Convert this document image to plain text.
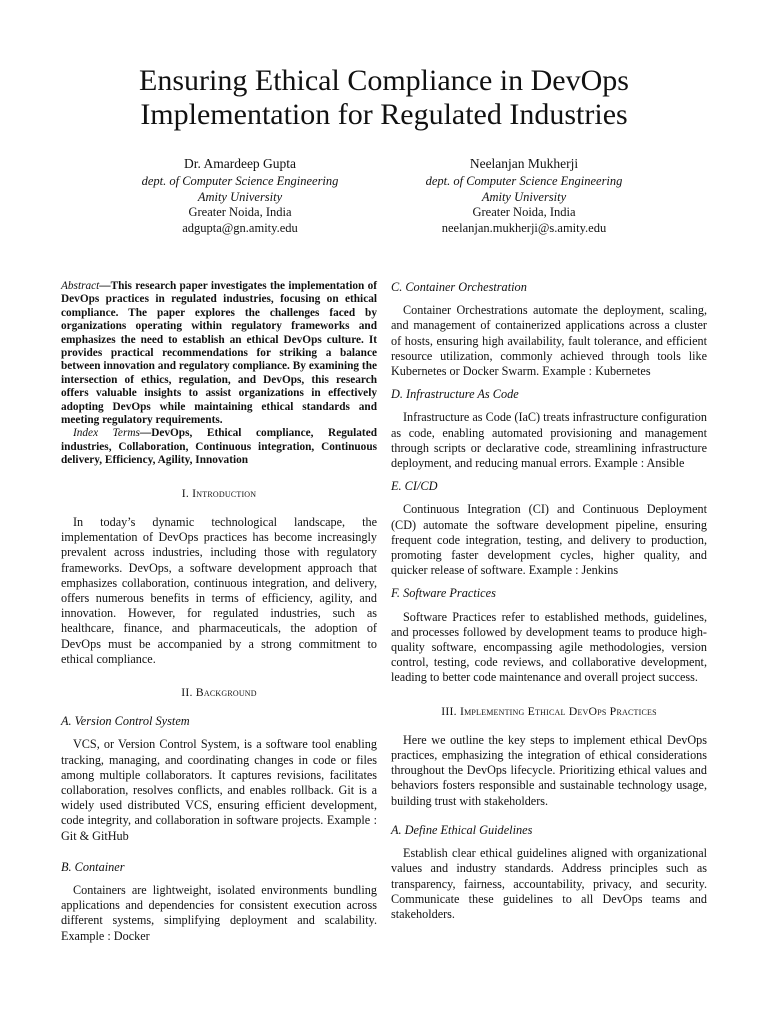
Ensuring Ethical Compliance in DevOps
Implementation for Regulated Industries
Dr. Amardeep Gupta
dept. of Computer Science Engineering
Amity University
Greater Noida, India
adgupta@gn.amity.edu
Neelanjan Mukherji
dept. of Computer Science Engineering
Amity University
Greater Noida, India
neelanjan.mukherji@s.amity.edu

Abstract—This research paper investigates the implementation of DevOps practices in regulated industries, focusing on ethical compliance. The paper explores the challenges faced by organizations operating within regulatory frameworks and emphasizes the need to establish an ethical DevOps culture. It provides practical recommendations for striking a balance between innovation and regulatory compliance. By examining the intersection of ethics, regulation, and DevOps, this research offers valuable insights to assist organizations in effectively adopting DevOps while maintaining ethical standards and meeting regulatory requirements.

Index Terms—DevOps, Ethical compliance, Regulated industries, Collaboration, Continuous integration, Continuous delivery, Efficiency, Agility, Innovation

I. Introduction

In today’s dynamic technological landscape, the implementation of DevOps practices has become increasingly prevalent across industries, including those with regulatory frameworks. DevOps, a software development approach that emphasizes collaboration, continuous integration, and delivery, offers numerous benefits in terms of efficiency, agility, and innovation. However, for regulated industries, such as healthcare, finance, and pharmaceuticals, the adoption of DevOps must be accompanied by a strong commitment to ethical compliance.

II. Background
A. Version Control System

VCS, or Version Control System, is a software tool enabling tracking, managing, and coordinating changes in code or files among multiple collaborators. It captures revisions, facilitates collaboration, resolves conflicts, and enables rollback. Git is a widely used distributed VCS, ensuring efficient development, code integrity, and collaboration in software projects. Example : Git & GitHub

B. Container

Containers are lightweight, isolated environments bundling applications and dependencies for consistent execution across different systems, simplifying deployment and scalability. Example : Docker

C. Container Orchestration

Container Orchestrations automate the deployment, scaling, and management of containerized applications across a cluster of hosts, ensuring high availability, fault tolerance, and efficient resource utilization, commonly achieved through tools like Kubernetes or Docker Swarm. Example : Kubernetes

D. Infrastructure As Code

Infrastructure as Code (IaC) treats infrastructure configuration as code, enabling automated provisioning and management through scripts or declarative code, streamlining infrastructure deployment, and reducing manual errors. Example : Ansible

E. CI/CD

Continuous Integration (CI) and Continuous Deployment (CD) automate the software development pipeline, ensuring frequent code integration, testing, and delivery to production, promoting faster development cycles, higher quality, and quicker release of software. Example : Jenkins

F. Software Practices

Software Practices refer to established methods, guidelines, and processes followed by development teams to produce high-quality software, encompassing agile methodologies, version control, testing, code reviews, and collaborative development, leading to better code maintenance and overall project success.

III. Implementing Ethical DevOps Practices

Here we outline the key steps to implement ethical DevOps practices, emphasizing the integration of ethical considerations throughout the DevOps lifecycle. Prioritizing ethical values and behaviors fosters responsible and sustainable technology usage, building trust with stakeholders.

A. Define Ethical Guidelines

Establish clear ethical guidelines aligned with organizational values and industry standards. Address principles such as transparency, fairness, accountability, privacy, and security. Communicate these guidelines to all DevOps teams and stakeholders.
